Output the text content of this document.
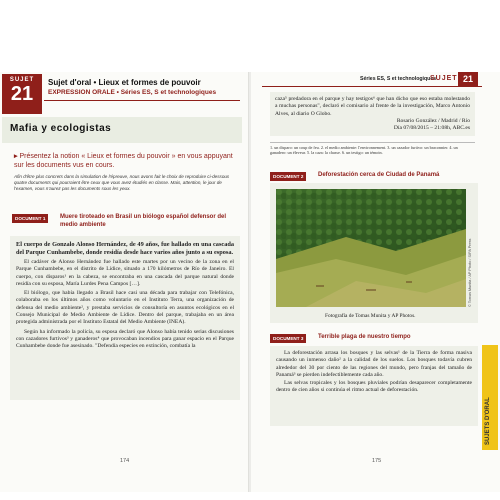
SUJET
21
Sujet d'oral • Lieux et formes de pouvoir
EXPRESSION ORALE • Séries ES, S et technologiques
Mafia y ecologistas
▸ Présentez la notion « Lieux et formes du pouvoir » en vous appuyant sur les documents vus en cours.
Afin d'être plus concrets dans la simulation de l'épreuve, nous avons fait le choix de reproduire ci-dessous quatre documents qui pourraient être ceux que vous avez étudiés en classe. Mais, attention, le jour de l'examen, vous n'aurez pas les documents sous les yeux.
DOCUMENT 1	Muere tiroteado en Brasil un biólogo español defensor del medio ambiente

El cuerpo de Gonzalo Alonso Hernández, de 49 años, fue hallado en una cascada del Parque Cunhambebe, donde residía desde hace varios años junto a su esposa.

El cadáver de Alonso Hernández fue hallado este martes por un vecino de la zona en el Parque Cunhambebe, en el distrito de Lídice, situado a 170 kilómetros de Río de Janeiro. El cuerpo, con disparos¹ en la cabeza, se encontraba en una cascada del parque natural donde residía con su esposa, María Lurdes Pena Campos […].

El biólogo, que había llegado a Brasil hace casi una década para trabajar con Telefónica, colaboraba en los últimos años como voluntario en el Instituto Terra, una organización de defensa del medio ambiente², y prestaba servicios de consultoría en asuntos ecológicos en el Consejo Municipal de Medio Ambiente de Lídice. Dentro del parque, trabajaba en un área protegida administrada por el Instituto Estatal del Medio Ambiente (INEA).

Según ha informado la policía, su esposa declaró que Alonso había tenido serias discusiones con cazadores furtivos³ y ganaderos⁴ que provocaban incendios para ganar espacio en el Parque Cunhambebe donde fue asesinado. "Defendía especies en extinción, combatía la

174
Séries ES, S et technologiques
SUJET 21

caza⁵ predadora en el parque y hay testigos⁶ que han dicho que eso estaba molestando a muchas personas", declaró el comisario al frente de la investigación, Marco Antonio Alves, al diario O Globo.

Rosario González / Madrid / Río

Día 07/08/2015 – 21:08h, ABC.es

1. un disparo: un coup de feu. 2. el medio ambiente: l'environnement. 3. un cazador furtivo: un braconnier. 4. un ganadero: un éleveur. 5. la caza: la chasse. 6. un testigo: un témoin.
DOCUMENT 2	Deforestación cerca de Ciudad de Panamá
© Tomas Munita / AP Photo / SIPA Press
Fotografía de Tomas Munita y AP Photos.
DOCUMENT 3	Terrible plaga de nuestro tiempo

La deforestación arrasa los bosques y las selvas¹ de la Tierra de forma masiva causando un inmenso daño² a la calidad de los suelos. Los bosques todavía cubren alrededor del 30 por ciento de las regiones del mundo, pero franjas del tamaño de Panamá³ se pierden indefectiblemente cada año.

Las selvas tropicales y los bosques pluviales podrían desaparecer completamente dentro de cien años si continúa el ritmo actual de deforestación.

SUJETS D'ORAL
175
